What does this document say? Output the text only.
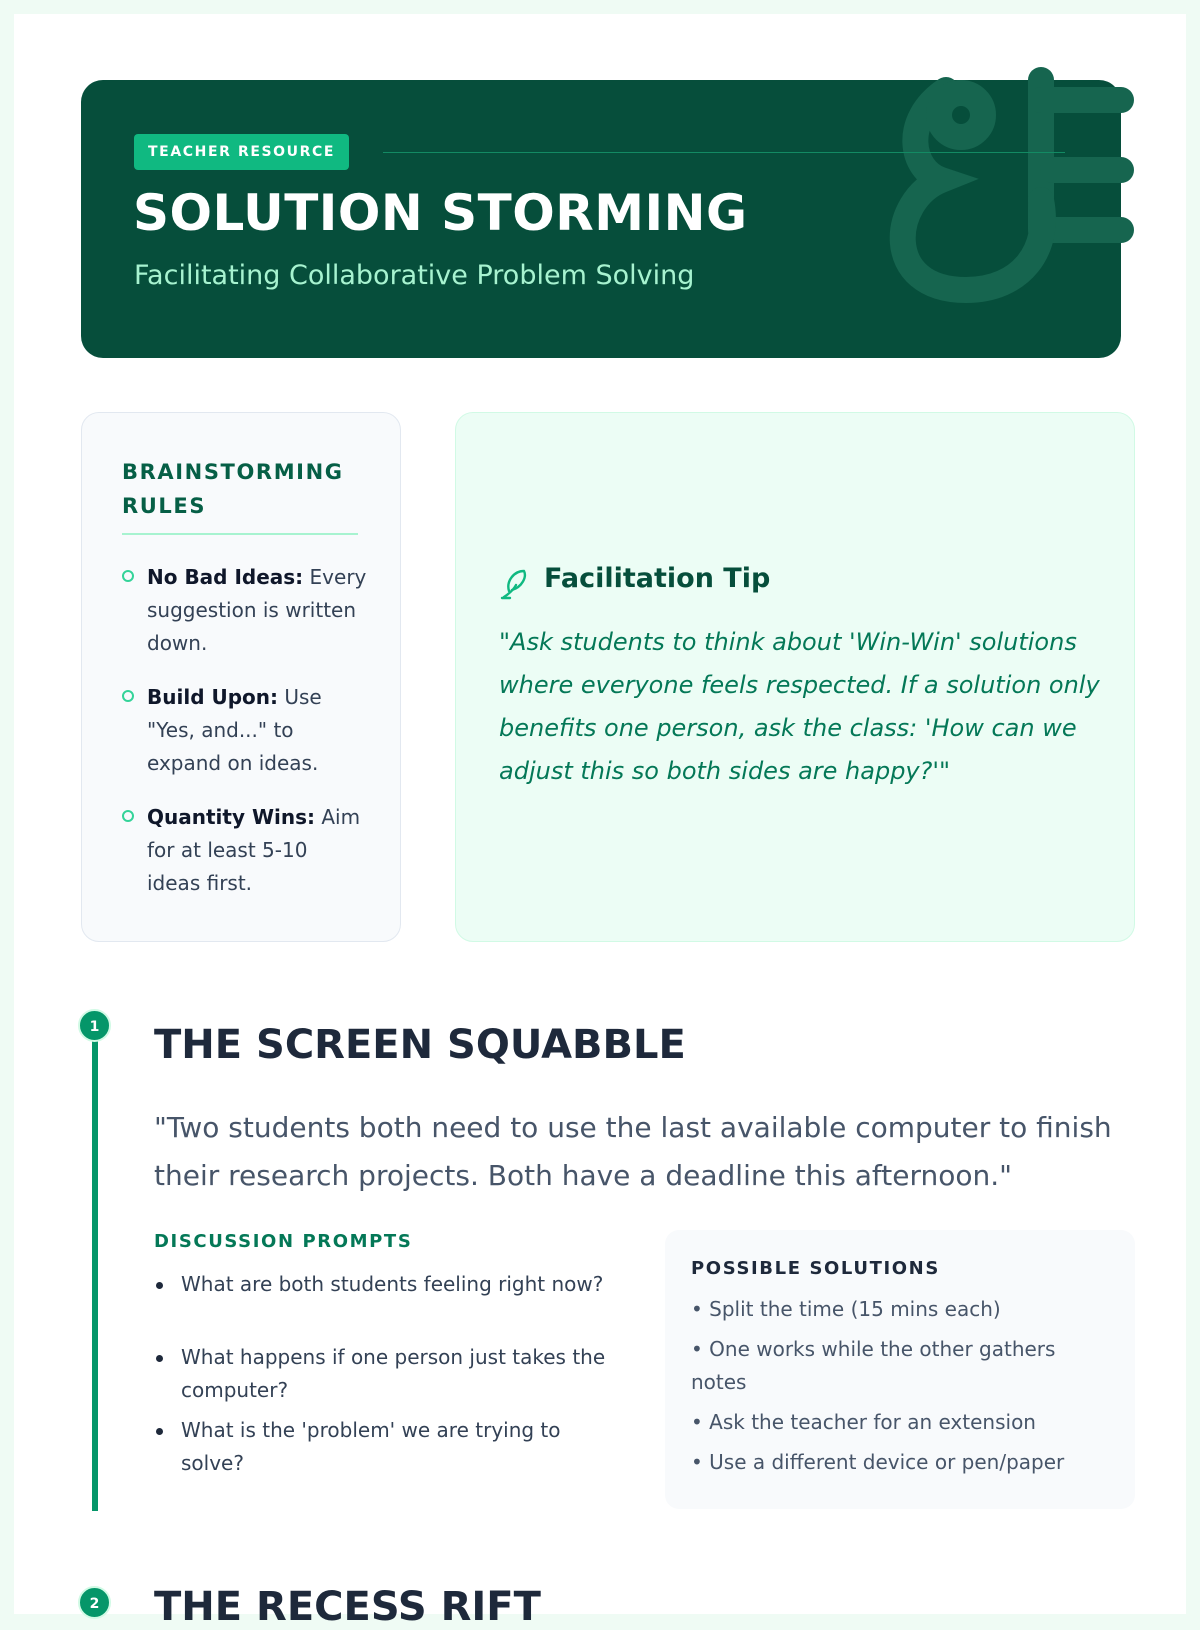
TEACHER RESOURCE
SOLUTION STORMING
Facilitating Collaborative Problem Solving
BRAINSTORMING RULES
No Bad Ideas: Every suggestion is written down.
Build Upon: Use "Yes, and..." to expand on ideas.
Quantity Wins: Aim for at least 5-10 ideas first.
Facilitation Tip
"Ask students to think about 'Win-Win' solutions where everyone feels respected. If a solution only benefits one person, ask the class: 'How can we adjust this so both sides are happy?'"
1 THE SCREEN SQUABBLE
"Two students both need to use the last available computer to finish their research projects. Both have a deadline this afternoon."
DISCUSSION PROMPTS
What are both students feeling right now?
What happens if one person just takes the computer?
What is the 'problem' we are trying to solve?
POSSIBLE SOLUTIONS
• Split the time (15 mins each)
• One works while the other gathers notes
• Ask the teacher for an extension
• Use a different device or pen/paper
2 THE RECESS RIFT
